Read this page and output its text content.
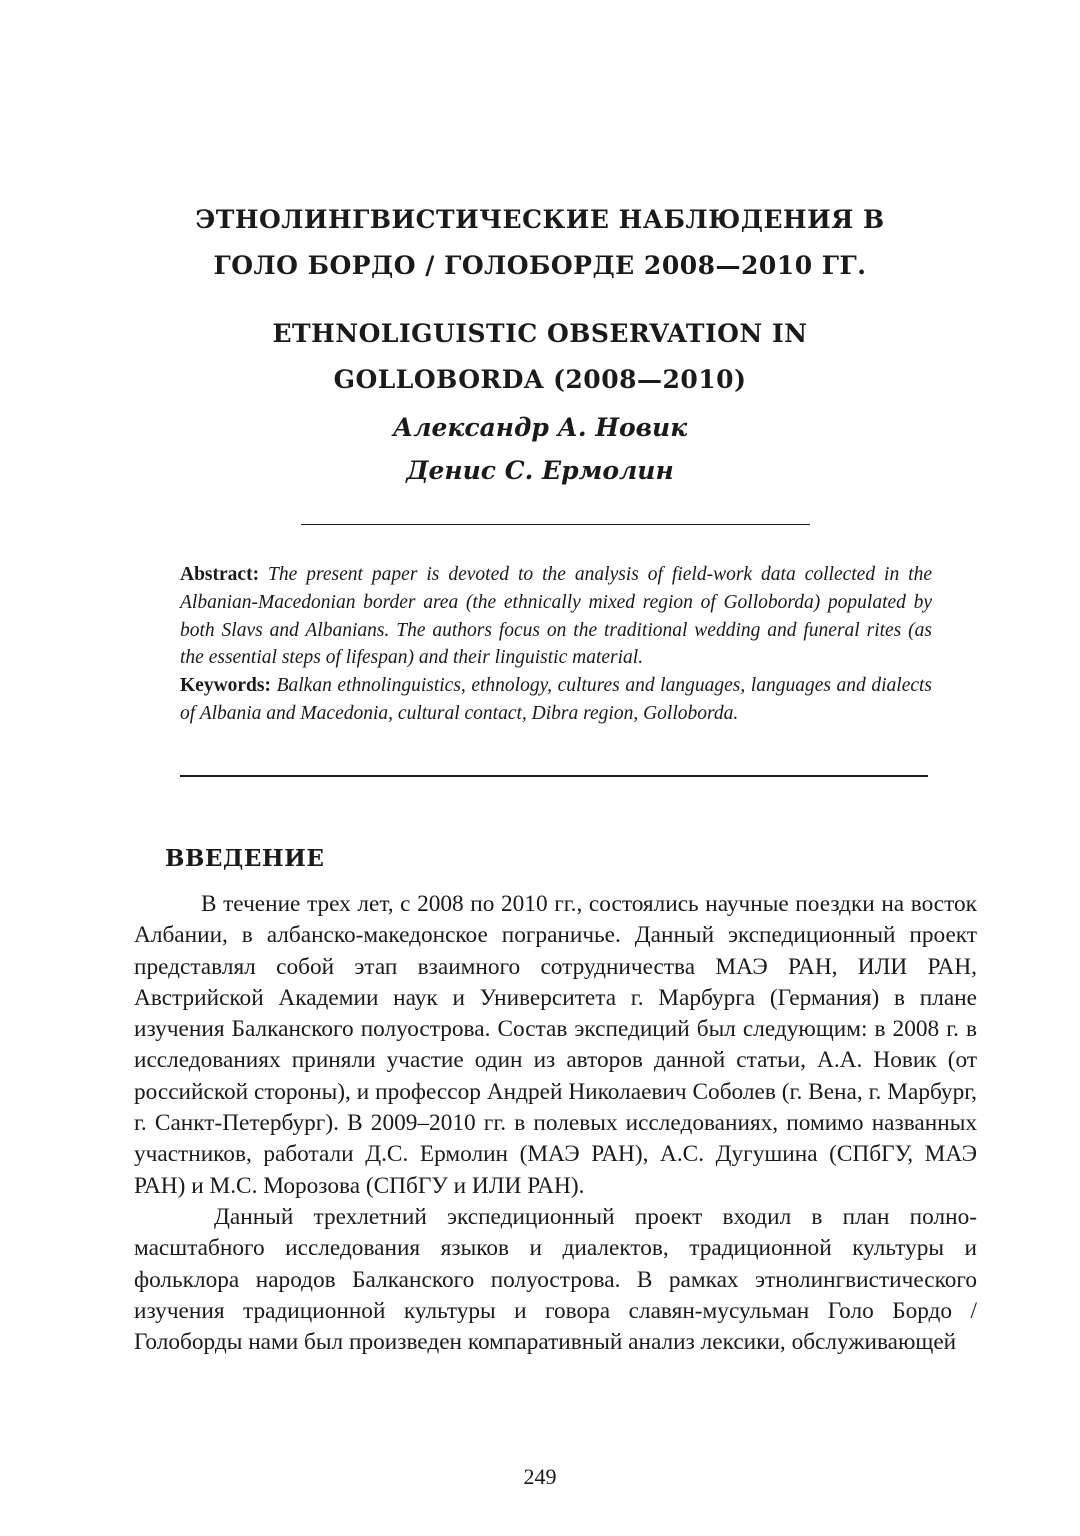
ЭТНОЛИНГВИСТИЧЕСКИЕ НАБЛЮДЕНИЯ В
ГОЛО БОРДО / ГОЛОБОРДЕ 2008—2010 ГГ.
ETHNOLIGUISTIC OBSERVATION IN
GOLLOBORDA (2008—2010)
Александр А. Новик
Денис С. Ермолин

Abstract: The present paper is devoted to the analysis of field-work data collected in the Albanian-Macedonian border area (the ethnically mixed region of Golloborda) populated by both Slavs and Albanians. The authors focus on the traditional wedding and funeral rites (as the essential steps of lifespan) and their linguistic material.

Keywords: Balkan ethnolinguistics, ethnology, cultures and languages, languages and dialects of Albania and Macedonia, cultural contact, Dibra region, Golloborda.

ВВЕДЕНИЕ

В течение трех лет, с 2008 по 2010 гг., состоялись научные поездки на восток Албании, в албанско-македонское пограничье. Данный экспедиционный проект представлял собой этап взаимного сотрудничества МАЭ РАН, ИЛИ РАН, Австрийской Академии наук и Университета г. Марбурга (Германия) в плане изучения Балканского полуострова. Состав экспедиций был следующим: в 2008 г. в исследованиях приняли участие один из авторов данной статьи, А.А. Новик (от российской стороны), и профессор Андрей Николаевич Соболев (г. Вена, г. Марбург, г. Санкт-Петербург). В 2009–2010 гг. в полевых исследованиях, помимо названных участников, работали Д.С. Ермолин (МАЭ РАН), А.С. Дугушина (СПбГУ, МАЭ РАН) и М.С. Морозова (СПбГУ и ИЛИ РАН).

Данный трехлетний экспедиционный проект входил в план полно-масштабного исследования языков и диалектов, традиционной культуры и фольклора народов Балканского полуострова. В рамках этнолингвистического изучения традиционной культуры и говора славян-мусульман Голо Бордо / Голоборды нами был произведен компаративный анализ лексики, обслуживающей

249
